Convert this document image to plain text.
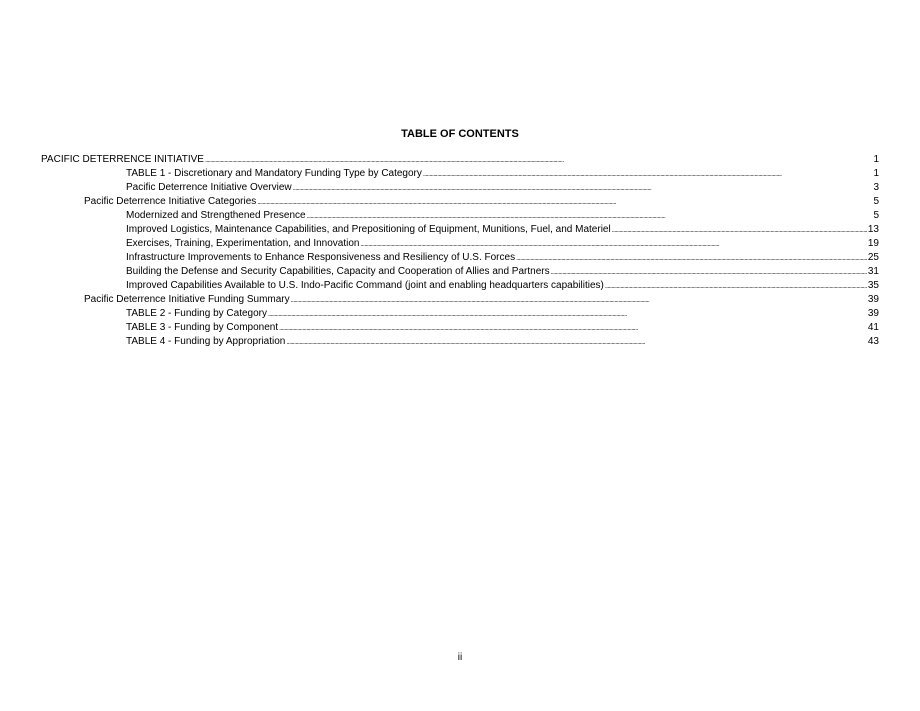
TABLE OF CONTENTS
PACIFIC DETERRENCE INITIATIVE . . .	1
TABLE 1 - Discretionary and Mandatory Funding Type by Category . . .	1
Pacific Deterrence Initiative Overview . . .	3
Pacific Deterrence Initiative Categories . . .	5
Modernized and Strengthened Presence . . .	5
Improved Logistics, Maintenance Capabilities, and Prepositioning of Equipment, Munitions, Fuel, and Materiel . . .	13
Exercises, Training, Experimentation, and Innovation . . .	19
Infrastructure Improvements to Enhance Responsiveness and Resiliency of U.S. Forces . . .	25
Building the Defense and Security Capabilities, Capacity and Cooperation of Allies and Partners . . .	31
Improved Capabilities Available to U.S. Indo-Pacific Command (joint and enabling headquarters capabilities) . . .	35
Pacific Deterrence Initiative Funding Summary . . .	39
TABLE 2 - Funding by Category . . .	39
TABLE 3 - Funding by Component . . .	41
TABLE 4 - Funding by Appropriation . . .	43
ii
